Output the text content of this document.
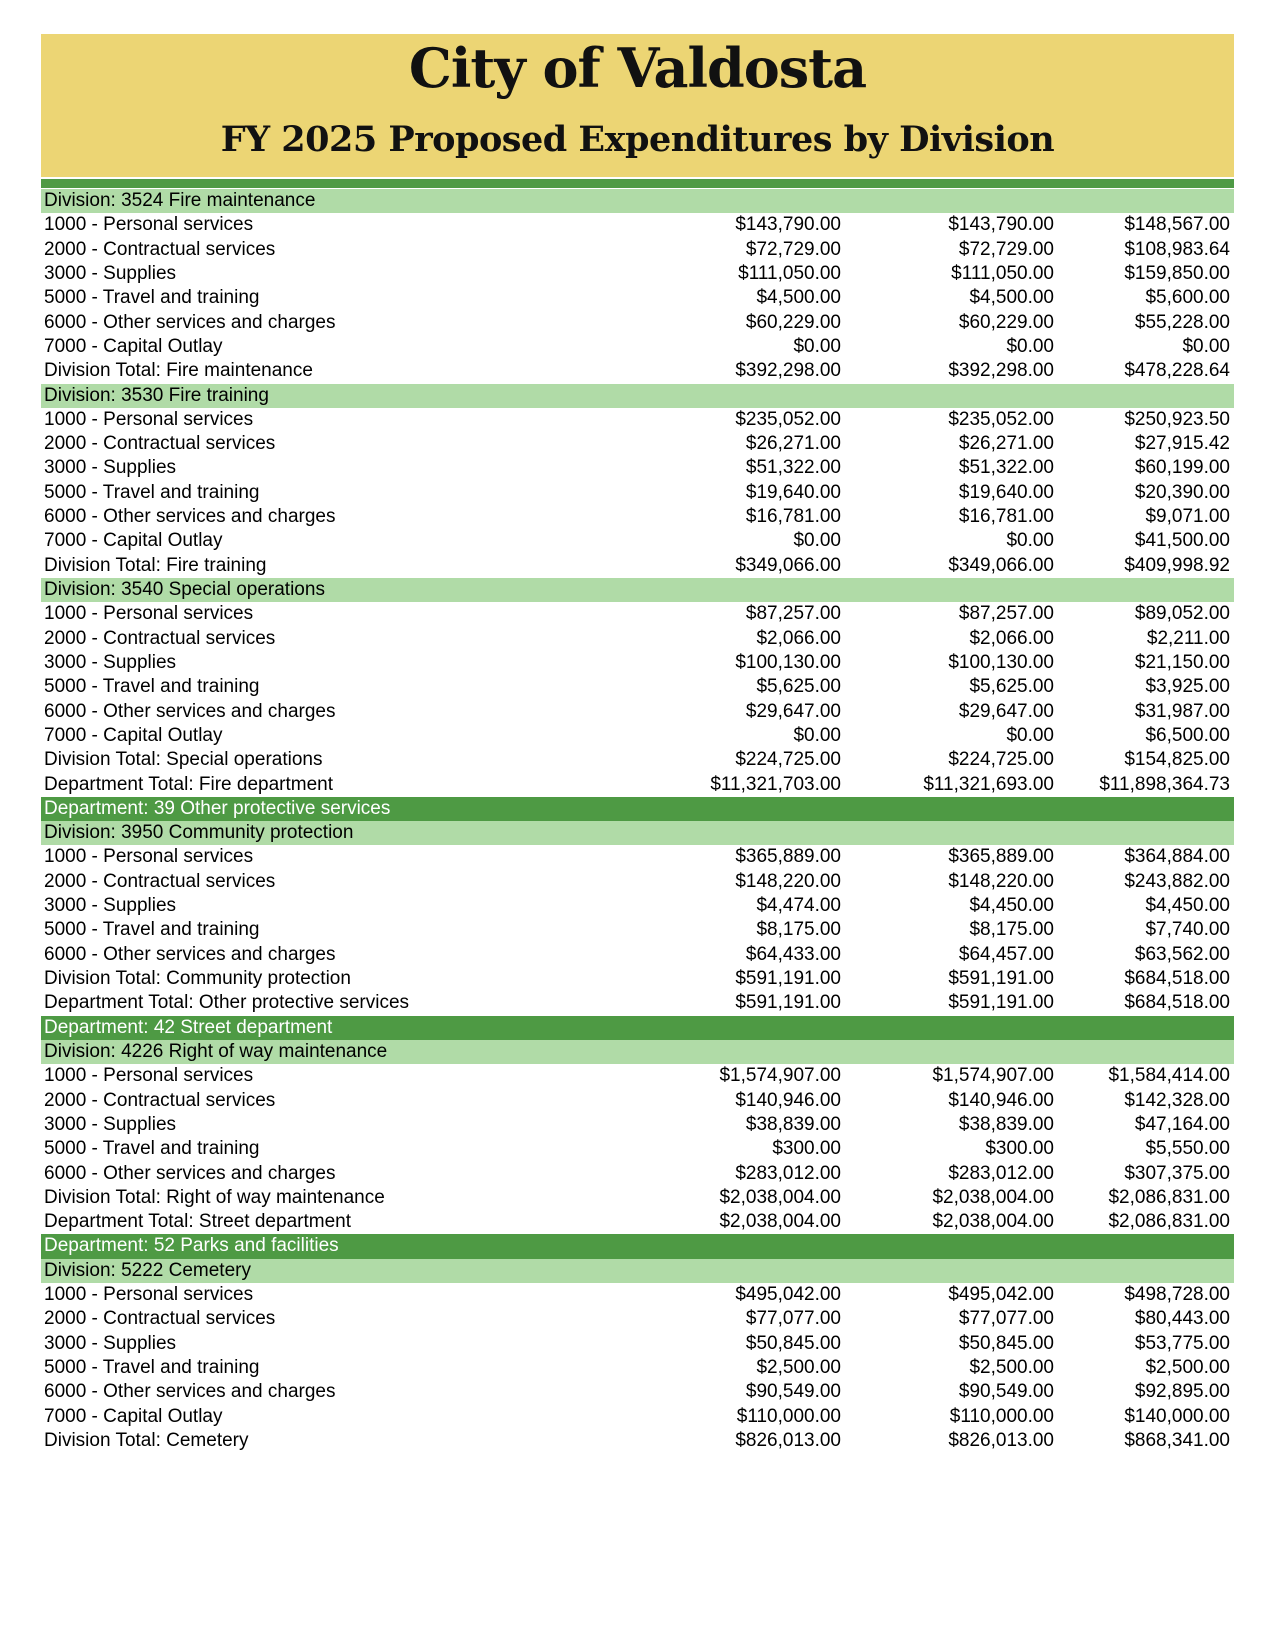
City of Valdosta
FY 2025 Proposed Expenditures by Division
Division: 3524 Fire maintenance
1000 - Personal services	$143,790.00	$143,790.00	$148,567.00
2000 - Contractual services	$72,729.00	$72,729.00	$108,983.64
3000 - Supplies	$111,050.00	$111,050.00	$159,850.00
5000 - Travel and training	$4,500.00	$4,500.00	$5,600.00
6000 - Other services and charges	$60,229.00	$60,229.00	$55,228.00
7000 - Capital Outlay	$0.00	$0.00	$0.00
Division Total: Fire maintenance	$392,298.00	$392,298.00	$478,228.64
Division: 3530 Fire training
1000 - Personal services	$235,052.00	$235,052.00	$250,923.50
2000 - Contractual services	$26,271.00	$26,271.00	$27,915.42
3000 - Supplies	$51,322.00	$51,322.00	$60,199.00
5000 - Travel and training	$19,640.00	$19,640.00	$20,390.00
6000 - Other services and charges	$16,781.00	$16,781.00	$9,071.00
7000 - Capital Outlay	$0.00	$0.00	$41,500.00
Division Total: Fire training	$349,066.00	$349,066.00	$409,998.92
Division: 3540 Special operations
1000 - Personal services	$87,257.00	$87,257.00	$89,052.00
2000 - Contractual services	$2,066.00	$2,066.00	$2,211.00
3000 - Supplies	$100,130.00	$100,130.00	$21,150.00
5000 - Travel and training	$5,625.00	$5,625.00	$3,925.00
6000 - Other services and charges	$29,647.00	$29,647.00	$31,987.00
7000 - Capital Outlay	$0.00	$0.00	$6,500.00
Division Total: Special operations	$224,725.00	$224,725.00	$154,825.00
Department Total: Fire department	$11,321,703.00	$11,321,693.00 $11,898,364.73
Department: 39 Other protective services
Division: 3950 Community protection
1000 - Personal services	$365,889.00	$365,889.00	$364,884.00
2000 - Contractual services	$148,220.00	$148,220.00	$243,882.00
3000 - Supplies	$4,474.00	$4,450.00	$4,450.00
5000 - Travel and training	$8,175.00	$8,175.00	$7,740.00
6000 - Other services and charges	$64,433.00	$64,457.00	$63,562.00
Division Total: Community protection	$591,191.00	$591,191.00	$684,518.00
Department Total: Other protective services	$591,191.00	$591,191.00	$684,518.00
Department: 42 Street department
Division: 4226 Right of way maintenance
1000 - Personal services	$1,574,907.00	$1,574,907.00	$1,584,414.00
2000 - Contractual services	$140,946.00	$140,946.00	$142,328.00
3000 - Supplies	$38,839.00	$38,839.00	$47,164.00
5000 - Travel and training	$300.00	$300.00	$5,550.00
6000 - Other services and charges	$283,012.00	$283,012.00	$307,375.00
Division Total: Right of way maintenance	$2,038,004.00	$2,038,004.00	$2,086,831.00
Department Total: Street department	$2,038,004.00	$2,038,004.00	$2,086,831.00
Department: 52 Parks and facilities
Division: 5222 Cemetery
1000 - Personal services	$495,042.00	$495,042.00	$498,728.00
2000 - Contractual services	$77,077.00	$77,077.00	$80,443.00
3000 - Supplies	$50,845.00	$50,845.00	$53,775.00
5000 - Travel and training	$2,500.00	$2,500.00	$2,500.00
6000 - Other services and charges	$90,549.00	$90,549.00	$92,895.00
7000 - Capital Outlay	$110,000.00	$110,000.00	$140,000.00
Division Total: Cemetery	$826,013.00	$826,013.00	$868,341.00
